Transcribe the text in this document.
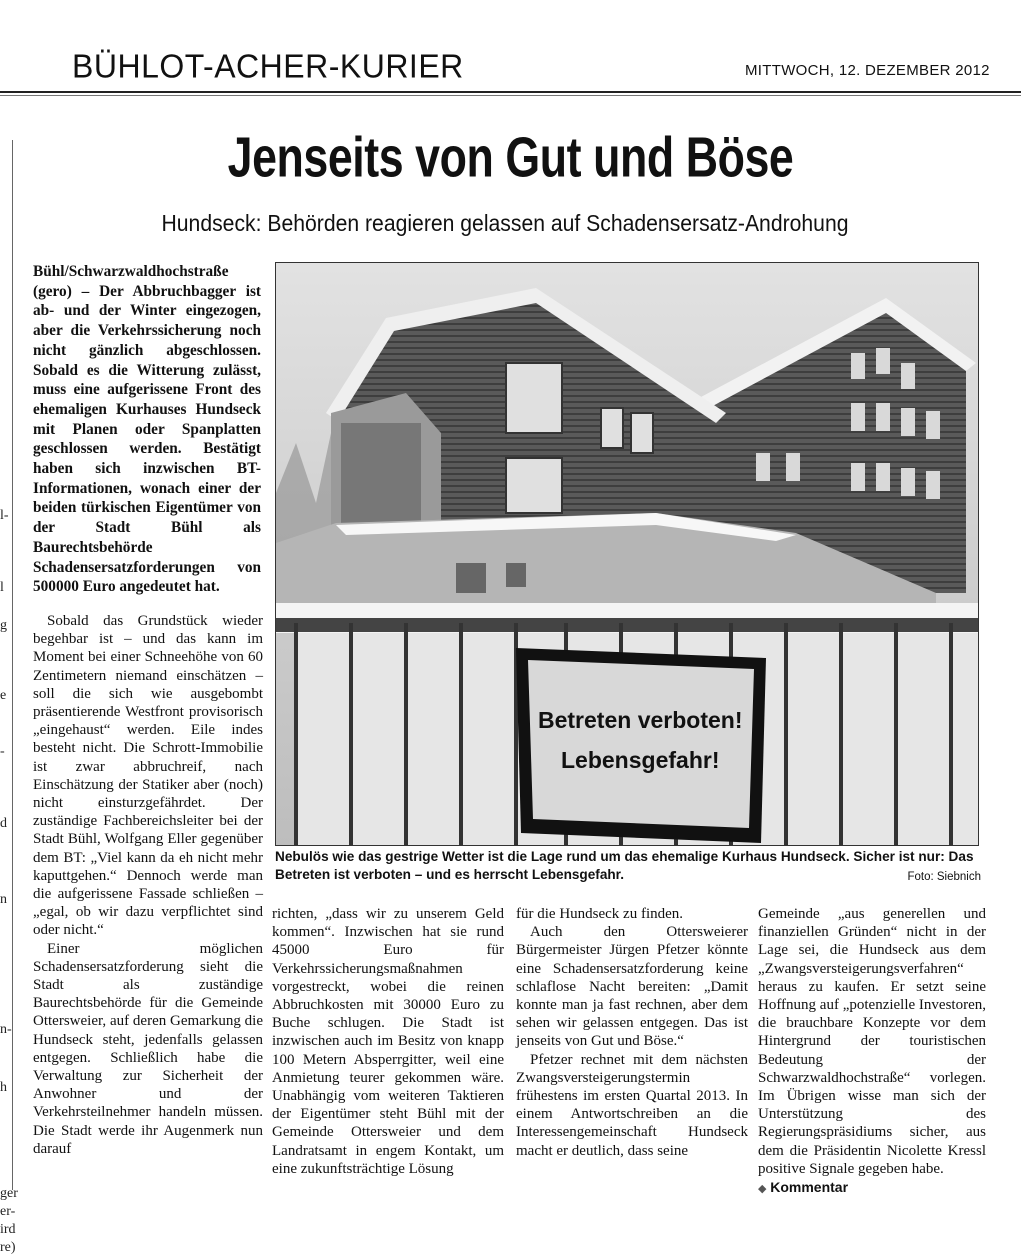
BÜHLOT-ACHER-KURIER	MITTWOCH, 12. DEZEMBER 2012
l-
l
g
e
-
d
n
n-
h
ger
er-
ird
re)
Jenseits von Gut und Böse
Hundseck: Behörden reagieren gelassen auf Schadensersatz-Androhung
Bühl/Schwarzwaldhochstraße (gero) – Der Abbruchbagger ist ab- und der Winter eingezogen, aber die Verkehrssicherung noch nicht gänzlich abgeschlossen. Sobald es die Witterung zulässt, muss eine aufgerissene Front des ehemaligen Kurhauses Hundseck mit Planen oder Spanplatten geschlossen werden. Bestätigt haben sich inzwischen BT-Informationen, wonach einer der beiden türkischen Eigentümer von der Stadt Bühl als Baurechtsbehörde Schadensersatzforderungen von 500000 Euro angedeutet hat.
Betreten verboten!
Lebensgefahr!
Nebulös wie das gestrige Wetter ist die Lage rund um das ehemalige Kurhaus Hundseck. Sicher ist nur: Das Betreten ist verboten – und es herrscht Lebensgefahr.	Foto: Siebnich

Sobald das Grundstück wieder begehbar ist – und das kann im Moment bei einer Schneehöhe von 60 Zentimetern niemand einschätzen – soll die sich wie ausgebombt präsentierende Westfront provisorisch „eingehaust“ werden. Eile indes besteht nicht. Die Schrott-Immobilie ist zwar abbruchreif, nach Einschätzung der Statiker aber (noch) nicht einsturzgefährdet. Der zuständige Fachbereichsleiter bei der Stadt Bühl, Wolfgang Eller gegenüber dem BT: „Viel kann da eh nicht mehr kaputtgehen.“ Dennoch werde man die aufgerissene Fassade schließen – „egal, ob wir dazu verpflichtet sind oder nicht.“

Einer möglichen Schadensersatzforderung sieht die Stadt als zuständige Baurechtsbehörde für die Gemeinde Ottersweier, auf deren Gemarkung die Hundseck steht, jedenfalls gelassen entgegen. Schließlich habe die Verwaltung zur Sicherheit der Anwohner und der Verkehrsteilnehmer handeln müssen. Die Stadt werde ihr Augenmerk nun darauf

richten, „dass wir zu unserem Geld kommen“. Inzwischen hat sie rund 45000 Euro für Verkehrssicherungsmaßnahmen vorgestreckt, wobei die reinen Abbruchkosten mit 30000 Euro zu Buche schlugen. Die Stadt ist inzwischen auch im Besitz von knapp 100 Metern Absperrgitter, weil eine Anmietung teurer gekommen wäre. Unabhängig vom weiteren Taktieren der Eigentümer steht Bühl mit der Gemeinde Ottersweier und dem Landratsamt in engem Kontakt, um eine zukunftsträchtige Lösung

für die Hundseck zu finden.

Auch den Ottersweierer Bürgermeister Jürgen Pfetzer könnte eine Schadensersatzforderung keine schlaflose Nacht bereiten: „Damit konnte man ja fast rechnen, aber dem sehen wir gelassen entgegen. Das ist jenseits von Gut und Böse.“

Pfetzer rechnet mit dem nächsten Zwangsversteigerungstermin frühestens im ersten Quartal 2013. In einem Antwortschreiben an die Interessengemeinschaft Hundseck macht er deutlich, dass seine

Gemeinde „aus generellen und finanziellen Gründen“ nicht in der Lage sei, die Hundseck aus dem „Zwangsversteigerungsverfahren“ heraus zu kaufen. Er setzt seine Hoffnung auf „potenzielle Investoren, die brauchbare Konzepte vor dem Hintergrund der touristischen Bedeutung der Schwarzwaldhochstraße“ vorlegen. Im Übrigen wisse man sich der Unterstützung des Regierungspräsidiums sicher, aus dem die Präsidentin Nicolette Kressl positive Signale gegeben habe.

◆ Kommentar
